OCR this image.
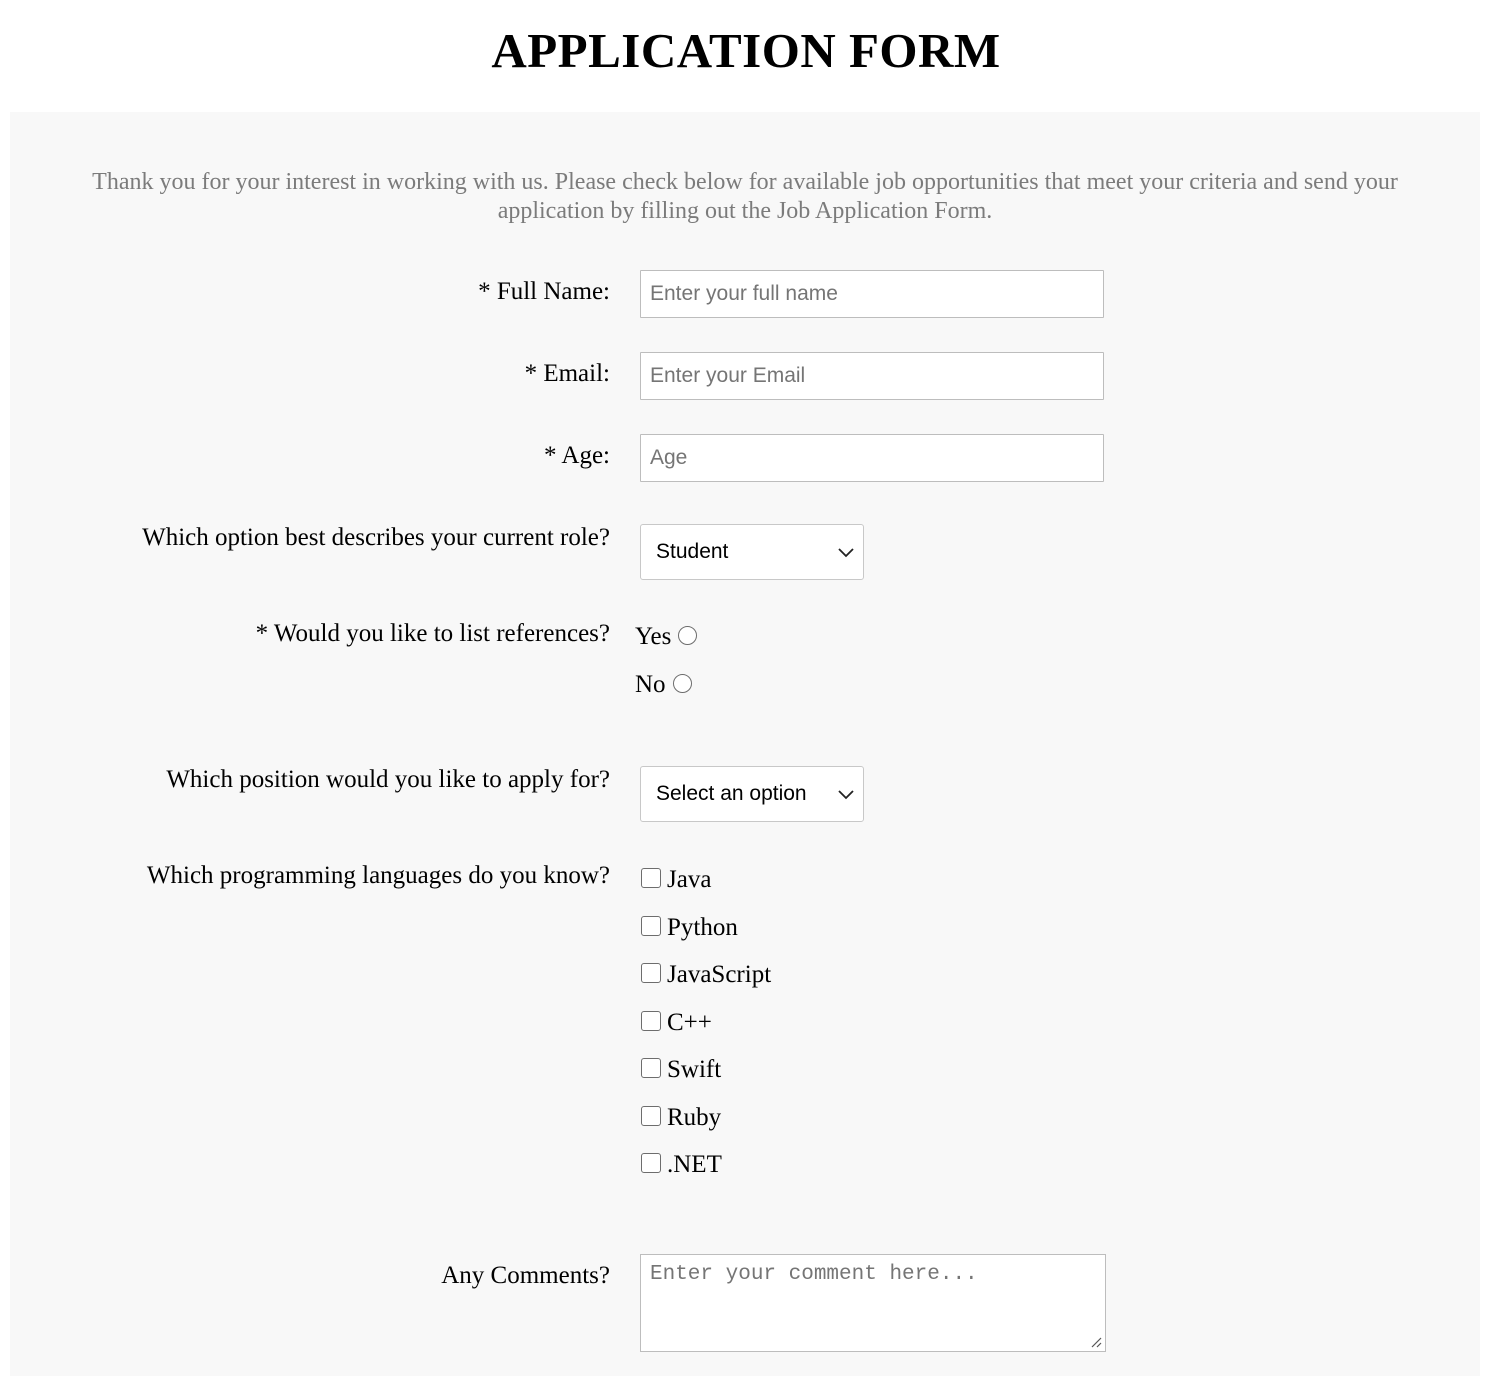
APPLICATION FORM
Thank you for your interest in working with us. Please check below for available job opportunities that meet your criteria and send your application by filling out the Job Application Form.
* Full Name:
Enter your full name
* Email:
Enter your Email
* Age:
Age
Which option best describes your current role?
Student
* Would you like to list references? Yes
No
Which position would you like to apply for?
Select an option
Which programming languages do you know? Java
Python
JavaScript
C++
Swift
Ruby
.NET
Any Comments?
Enter your comment here...
